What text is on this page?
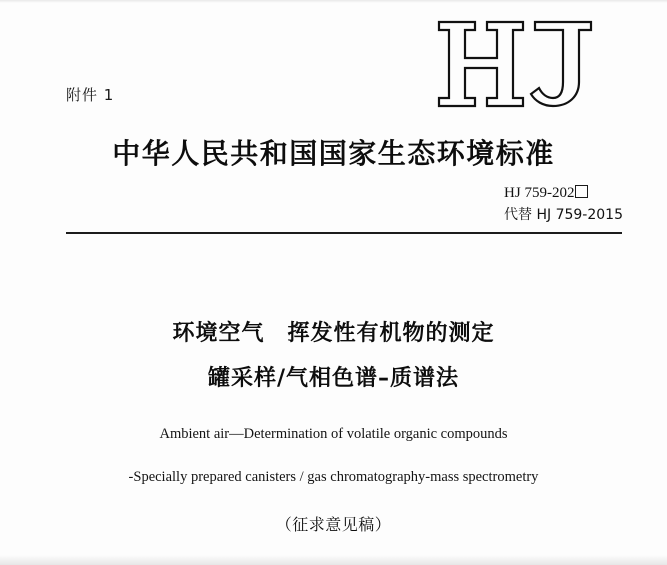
附件 1
中华人民共和国国家生态环境标准
HJ 759-202
代替 HJ 759-2015
环境空气　挥发性有机物的测定
罐采样/气相色谱–质谱法
Ambient air—Determination of volatile organic compounds
-Specially prepared canisters / gas chromatography-mass spectrometry
（征求意见稿）
